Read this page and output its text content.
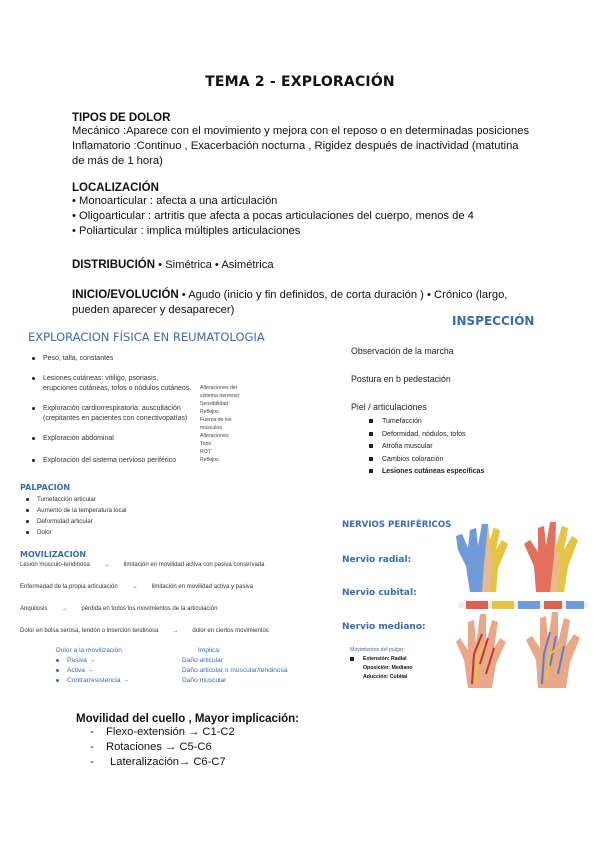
TEMA 2 - EXPLORACIÓN
TIPOS DE DOLOR
Mecánico :Aparece con el movimiento y mejora con el reposo o en determinadas posiciones
Inflamatorio :Continuo , Exacerbación nocturna , Rigidez después de inactividad (matutina
de más de 1 hora)
LOCALIZACIÓN
• Monoarticular : afecta a una articulación
• Oligoarticular : artritis que afecta a pocas articulaciones del cuerpo, menos de 4
• Poliarticular : implica múltiples articulaciones
DISTRIBUCIÓN • Simétrica • Asimétrica
INICIO/EVOLUCIÓN • Agudo (inicio y fin definidos, de corta duración ) • Crónico (largo,
pueden aparecer y desaparecer)
EXPLORACION FÍSICA EN REUMATOLOGIA
Peso, talla, constantes
Lesiones cutáneas: vitiligo, psoriasis, erupciones cutáneas, tofos o nódulos cutáneos.
Exploración cardiorrespiratoria: auscultación (crepitantes en pacientes con conectivopatías)
Exploración abdominal
Exploración del sistema nervioso periférico
Alteraciones del
sistema nervioso:
Sensibilidad
Reflejos
Fuerza de los
músculos
Alteraciones
Tono
ROT
Reflejos
PALPACIÓN
Tumefacción articular
Aumento de la temperatura local
Deformidad articular
Dolor
MOVILIZACIÓN
Lesión músculo-tendinosa → limitación en movilidad activa con pasiva conservada
Enfermedad de la propia articulación → limitación en movilidad activa y pasiva
Anquilosis → pérdida en todos los movimientos de la articulación
Dolor en bolsa serosa, tendón o inserción tendinosa → dolor en ciertos movimientos
Dolor a la movilización
Pasiva →
Activa →
Contrarresistencia →
Implica:
Daño articular
Daño articular o muscular/tendinosa
Daño muscular
INSPECCIÓN
Observación de la marcha
Postura en b pedestación
Piel / articulaciones
Tumefacción
Deformidad, nódulos, tofos
Atrofia muscular
Cambios coloración
Lesiones cutáneas específicas
NERVIOS PERIFÉRICOS
Nervio radial:
Nervio cubital:
Nervio mediano:
Movimientos del pulgar:
Extensión: Radial
Oposición: Mediano
Aducción: Cubital
Movilidad del cuello , Mayor implicación:
- Flexo-extensión → C1-C2
- Rotaciones → C5-C6
- Lateralización→ C6-C7
